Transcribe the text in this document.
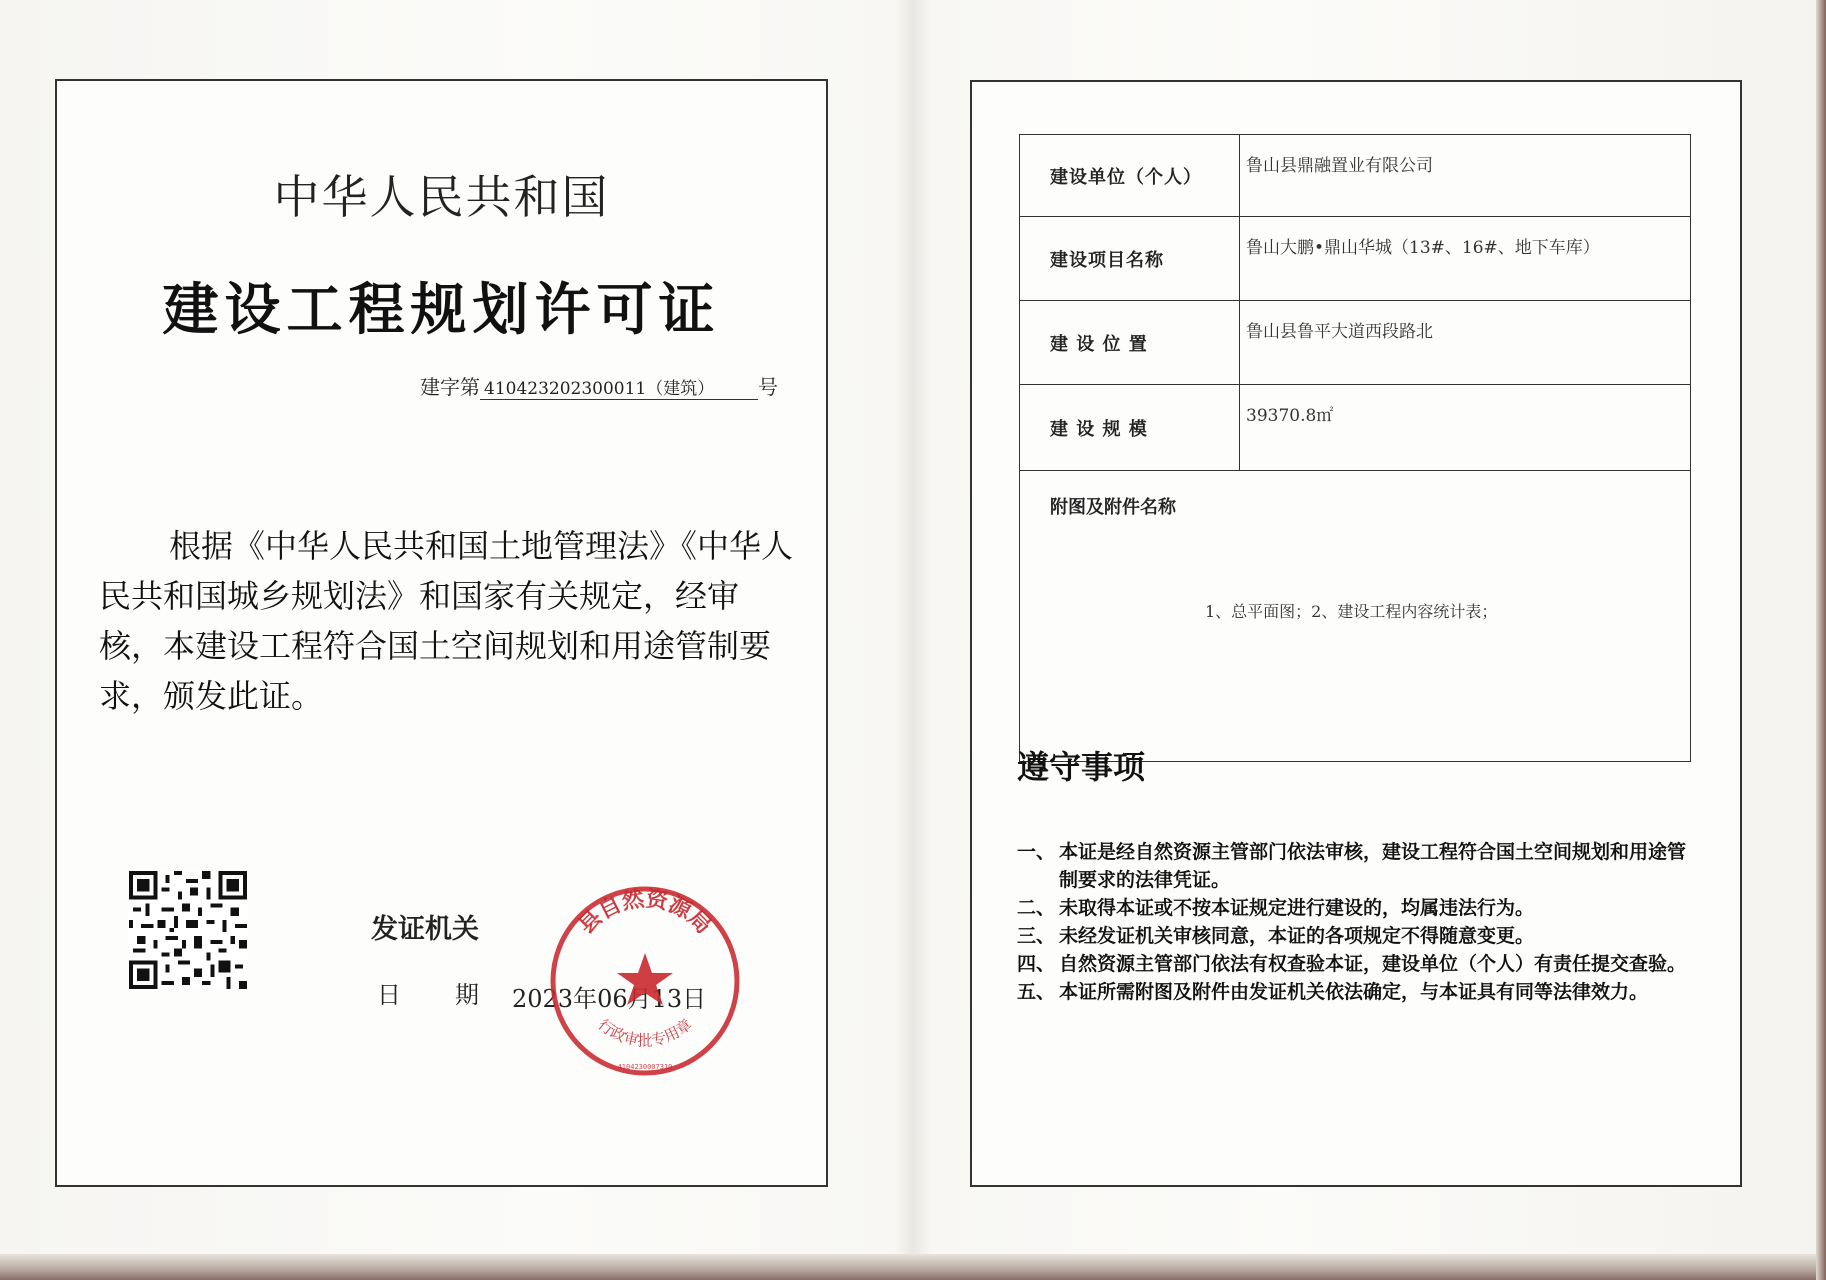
中华人民共和国
建设工程规划许可证
建字第 410423202300011（建筑） 号
根据《中华人民共和国土地管理法》《中华人民共和国城乡规划法》和国家有关规定，经审核，本建设工程符合国土空间规划和用途管制要求，颁发此证。
发证机关
日期
2023年06月13日
县自然资源局
行政审批专用章
4104230007310
建设单位（个人）	鲁山县鼎融置业有限公司
建设项目名称	鲁山大鹏•鼎山华城（13#、16#、地下车库）
建 设 位 置	鲁山县鲁平大道西段路北
建 设 规 模	39370.8㎡
附图及附件名称
1、总平面图；2、建设工程内容统计表；	
遵守事项
一、 本证是经自然资源主管部门依法审核，建设工程符合国土空间规划和用途管制要求的法律凭证。
二、 未取得本证或不按本证规定进行建设的，均属违法行为。
三、 未经发证机关审核同意，本证的各项规定不得随意变更。
四、 自然资源主管部门依法有权查验本证，建设单位（个人）有责任提交查验。
五、 本证所需附图及附件由发证机关依法确定，与本证具有同等法律效力。
